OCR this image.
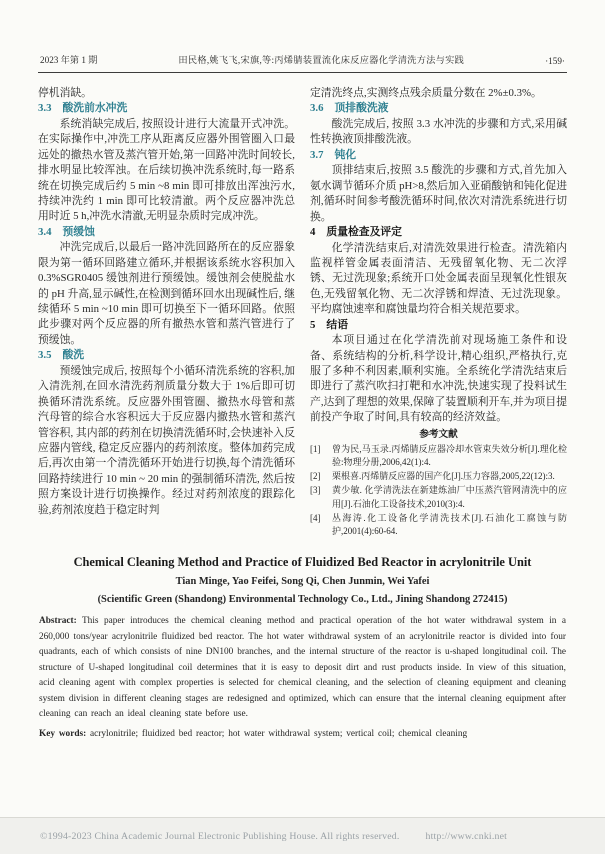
2023 年第 1 期	田民格,姚飞飞,宋旗,等:丙烯腈装置流化床反应器化学清洗方法与实践	·159·

停机消缺。

3.3 酸洗前水冲洗

系统消缺完成后, 按照设计进行大流量开式冲洗。在实际操作中,冲洗工序从距离反应器外围管圈入口最远处的撤热水管及蒸汽管开始,第一回路冲洗时间较长,排水明显比较浑浊。在后续切换冲洗系统时,每一路系统在切换完成后约 5 min ~8 min 即可排放出浑浊污水,持续冲洗约 1 min 即可比较清澈。两个反应器冲洗总用时近 5 h,冲洗水清澈,无明显杂质时完成冲洗。

3.4 预缓蚀

冲洗完成后,以最后一路冲洗回路所在的反应器象限为第一循环回路建立循环,并根据该系统水容积加入 0.3%SGR0405 缓蚀剂进行预缓蚀。缓蚀剂会使脱盐水的 pH 升高,显示碱性,在检测到循环回水出现碱性后, 继续循环 5 min ~10 min 即可切换至下一循环回路。依照此步骤对两个反应器的所有撤热水管和蒸汽管进行了预缓蚀。

3.5 酸洗

预缓蚀完成后, 按照每个小循环清洗系统的容积,加入清洗剂,在回水清洗药剂质量分数大于 1%后即可切换循环清洗系统。反应器外围管圈、撤热水母管和蒸汽母管的综合水容积远大于反应器内撤热水管和蒸汽管容积, 其内部的药剂在切换清洗循环时,会快速补入反应器内管线, 稳定反应器内的药剂浓度。整体加药完成后,再次由第一个清洗循环开始进行切换,每个清洗循环回路持续进行 10 min ~ 20 min 的强制循环清洗, 然后按照方案设计进行切换操作。经过对药剂浓度的跟踪化验,药剂浓度趋于稳定时判

定清洗终点,实测终点残余质量分数在 2%±0.3%。

3.6 顶排酸洗液

酸洗完成后, 按照 3.3 水冲洗的步骤和方式,采用碱性转换液顶排酸洗液。

3.7 钝化

顶排结束后,按照 3.5 酸洗的步骤和方式,首先加入氨水调节循环介质 pH>8,然后加入亚硝酸钠和钝化促进剂,循环时间参考酸洗循环时间,依次对清洗系统进行切换。

4 质量检查及评定

化学清洗结束后,对清洗效果进行检查。清洗箱内监视样管金属表面清洁、无残留氧化物、无二次浮锈、无过洗现象;系统开口处金属表面呈现氧化性银灰色,无残留氧化物、无二次浮锈和焊渣、无过洗现象。平均腐蚀速率和腐蚀量均符合相关规范要求。

5 结语

本项目通过在化学清洗前对现场施工条件和设备、系统结构的分析,科学设计,精心组织,严格执行,克服了多种不利因素,顺利实施。全系统化学清洗结束后即进行了蒸汽吹扫打靶和水冲洗,快速实现了投料试生产,达到了理想的效果,保障了装置顺利开车,并为项目提前投产争取了时间,具有较高的经济效益。

参考文献

[1]	曾为民,马玉录.丙烯腈反应器冷却水管束失效分析[J].理化检验:物理分册,2006,42(1):4.
[2]	栗根喜.丙烯腈反应器的国产化[J].压力容器,2005,22(12):3.
[3]	黄少敏. 化学清洗法在新建炼油厂中压蒸汽管网清洗中的应用[J].石油化工设备技术,2010(3):4.
[4]	丛海涛.化工设备化学清洗技术[J].石油化工腐蚀与防护,2001(4):60-64.

Chemical Cleaning Method and Practice of Fluidized Bed Reactor in acrylonitrile Unit

Tian Minge, Yao Feifei, Song Qi, Chen Junmin, Wei Yafei

(Scientific Green (Shandong) Environmental Technology Co., Ltd., Jining Shandong 272415)

Abstract: This paper introduces the chemical cleaning method and practical operation of the hot water withdrawal system in a 260,000 tons/year acrylonitrile fluidized bed reactor. The hot water withdrawal system of an acrylonitrile reactor is divided into four quadrants, each of which consists of nine DN100 branches, and the internal structure of the reactor is u-shaped longitudinal coil. The structure of U-shaped longitudinal coil determines that it is easy to deposit dirt and rust products inside. In view of this situation, acid cleaning agent with complex properties is selected for chemical cleaning, and the selection of cleaning equipment and cleaning system division in different cleaning stages are redesigned and optimized, which can ensure that the internal cleaning equipment after cleaning can reach an ideal cleaning state before use.

Key words: acrylonitrile; fluidized bed reactor; hot water withdrawal system; vertical coil; chemical cleaning

©1994-2023 China Academic Journal Electronic Publishing House. All rights reserved.	http://www.cnki.net
